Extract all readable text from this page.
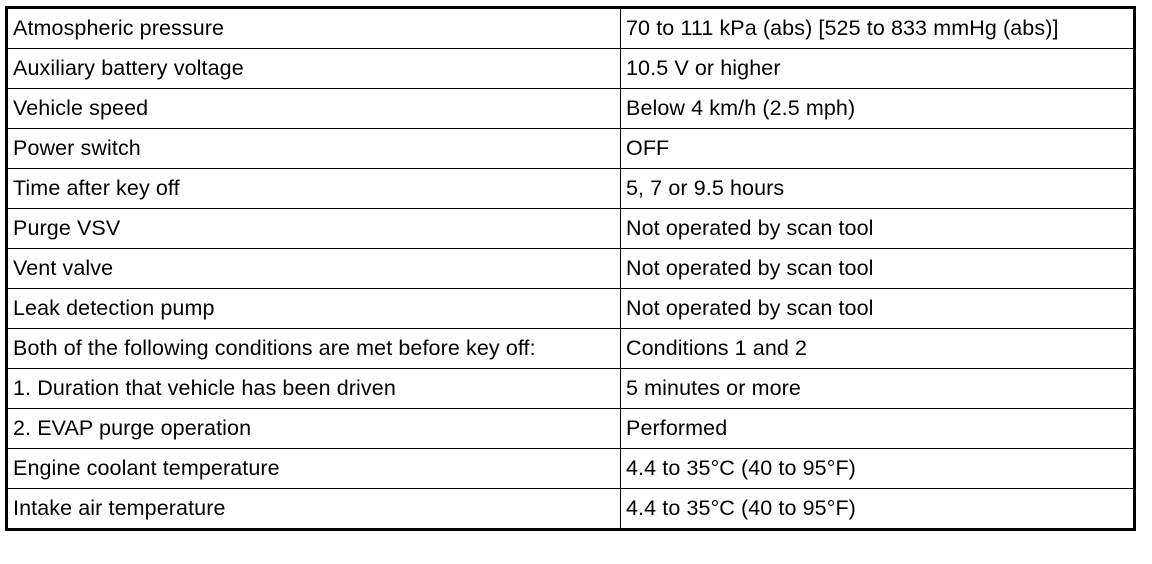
Atmospheric pressure	70 to 111 kPa (abs) [525 to 833 mmHg (abs)]
Auxiliary battery voltage	10.5 V or higher
Vehicle speed	Below 4 km/h (2.5 mph)
Power switch	OFF
Time after key off	5, 7 or 9.5 hours
Purge VSV	Not operated by scan tool
Vent valve	Not operated by scan tool
Leak detection pump	Not operated by scan tool
Both of the following conditions are met before key off:	Conditions 1 and 2
1. Duration that vehicle has been driven	5 minutes or more
2. EVAP purge operation	Performed
Engine coolant temperature	4.4 to 35°C (40 to 95°F)
Intake air temperature	4.4 to 35°C (40 to 95°F)
